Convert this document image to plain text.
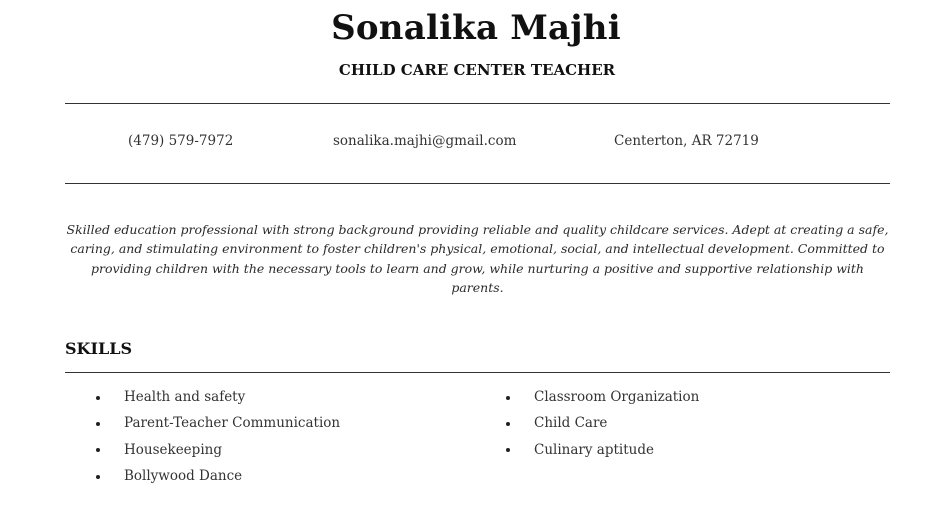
Sonalika Majhi
CHILD CARE CENTER TEACHER
(479) 579-7972	sonalika.majhi@gmail.com	Centerton, AR 72719
Skilled education professional with strong background providing reliable and quality childcare services. Adept at creating a safe, caring, and stimulating environment to foster children's physical, emotional, social, and intellectual development. Committed to providing children with the necessary tools to learn and grow, while nurturing a positive and supportive relationship with parents.
SKILLS
Health and safety
Parent-Teacher Communication
Housekeeping
Bollywood Dance
Classroom Organization
Child Care
Culinary aptitude
